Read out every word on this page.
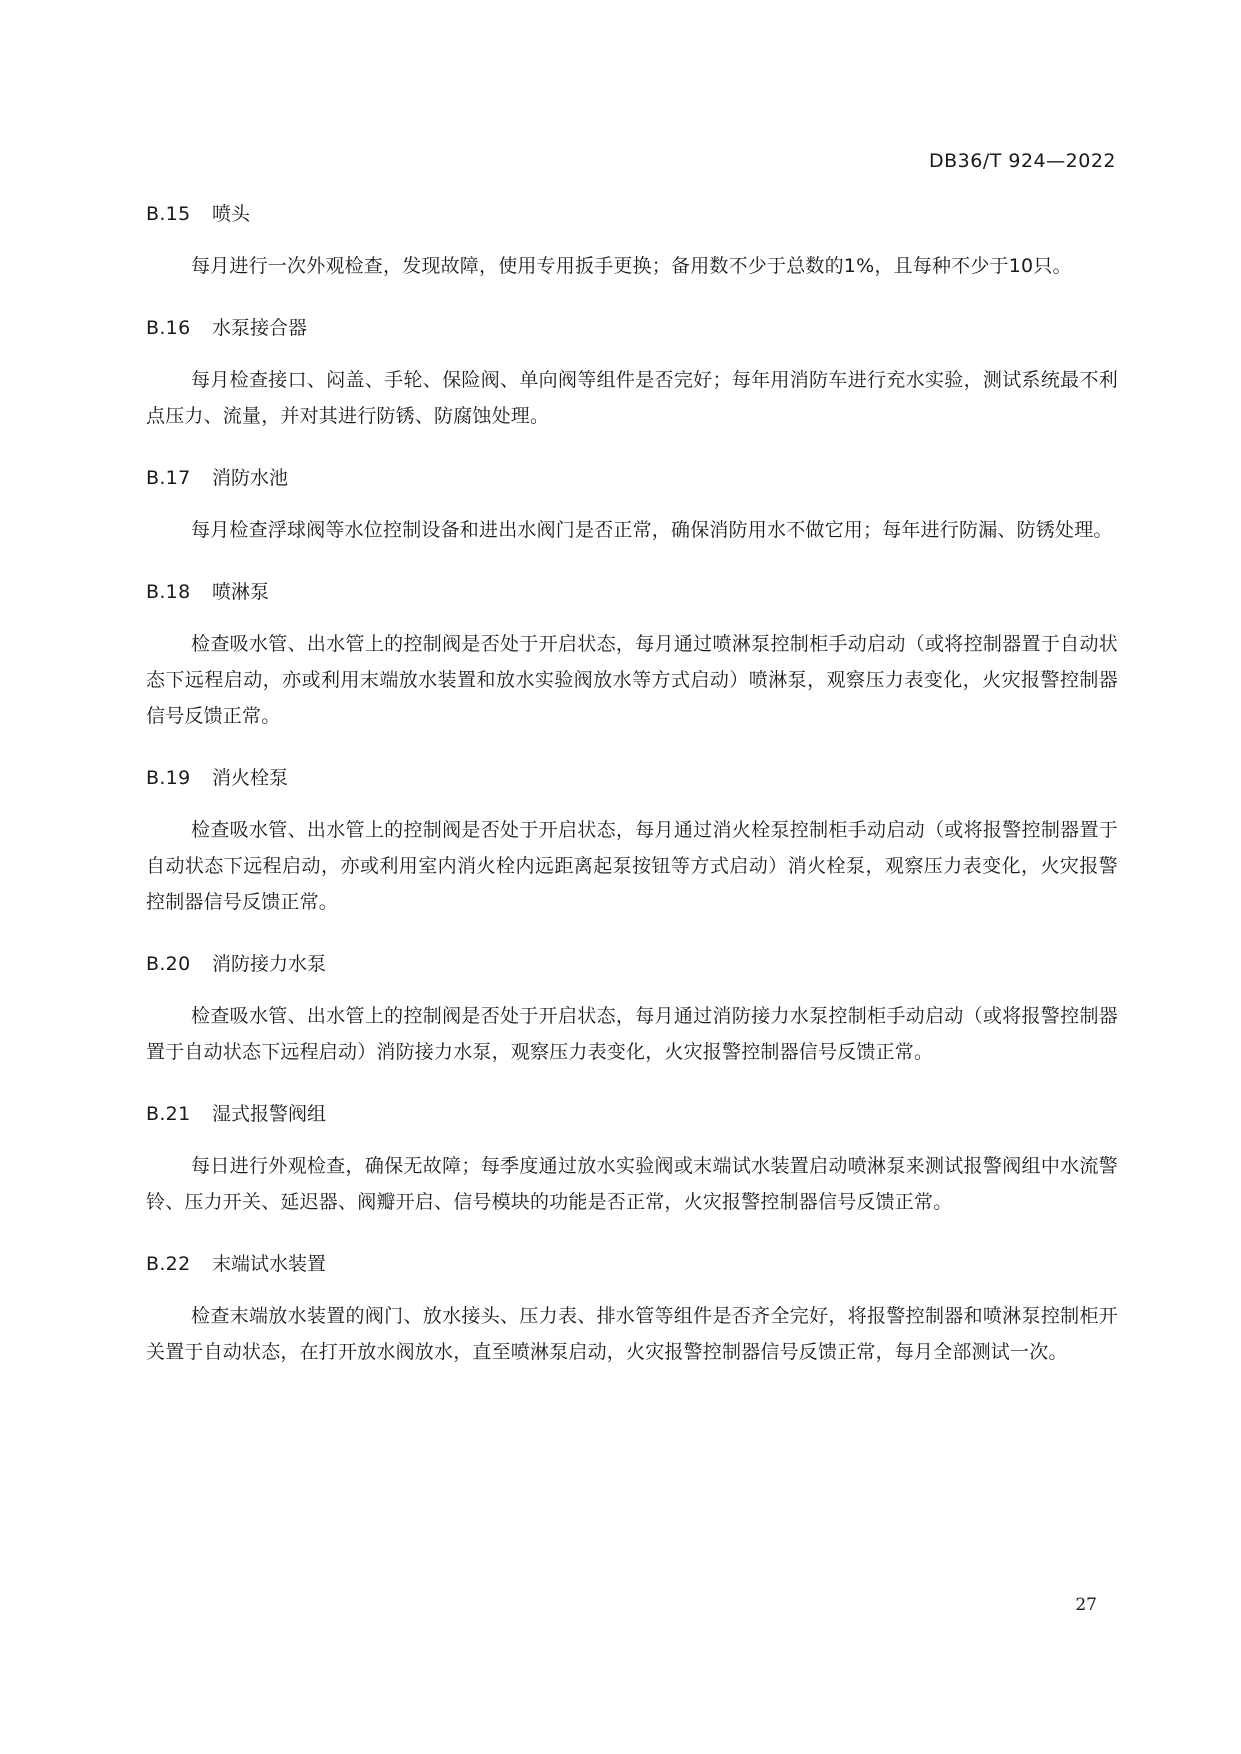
DB36/T 924—2022
B.15	喷头

每月进行一次外观检查，发现故障，使用专用扳手更换；备用数不少于总数的1%，且每种不少于10只。

B.16	水泵接合器

每月检查接口、闷盖、手轮、保险阀、单向阀等组件是否完好；每年用消防车进行充水实验，测试系统最不利点压力、流量，并对其进行防锈、防腐蚀处理。

B.17	消防水池

每月检查浮球阀等水位控制设备和进出水阀门是否正常，确保消防用水不做它用；每年进行防漏、防锈处理。

B.18	喷淋泵

检查吸水管、出水管上的控制阀是否处于开启状态，每月通过喷淋泵控制柜手动启动（或将控制器置于自动状态下远程启动，亦或利用末端放水装置和放水实验阀放水等方式启动）喷淋泵，观察压力表变化，火灾报警控制器信号反馈正常。

B.19	消火栓泵

检查吸水管、出水管上的控制阀是否处于开启状态，每月通过消火栓泵控制柜手动启动（或将报警控制器置于自动状态下远程启动，亦或利用室内消火栓内远距离起泵按钮等方式启动）消火栓泵，观察压力表变化，火灾报警控制器信号反馈正常。

B.20	消防接力水泵

检查吸水管、出水管上的控制阀是否处于开启状态，每月通过消防接力水泵控制柜手动启动（或将报警控制器置于自动状态下远程启动）消防接力水泵，观察压力表变化，火灾报警控制器信号反馈正常。

B.21	湿式报警阀组

每日进行外观检查，确保无故障；每季度通过放水实验阀或末端试水装置启动喷淋泵来测试报警阀组中水流警铃、压力开关、延迟器、阀瓣开启、信号模块的功能是否正常，火灾报警控制器信号反馈正常。

B.22	末端试水装置

检查末端放水装置的阀门、放水接头、压力表、排水管等组件是否齐全完好，将报警控制器和喷淋泵控制柜开关置于自动状态，在打开放水阀放水，直至喷淋泵启动，火灾报警控制器信号反馈正常，每月全部测试一次。

27
